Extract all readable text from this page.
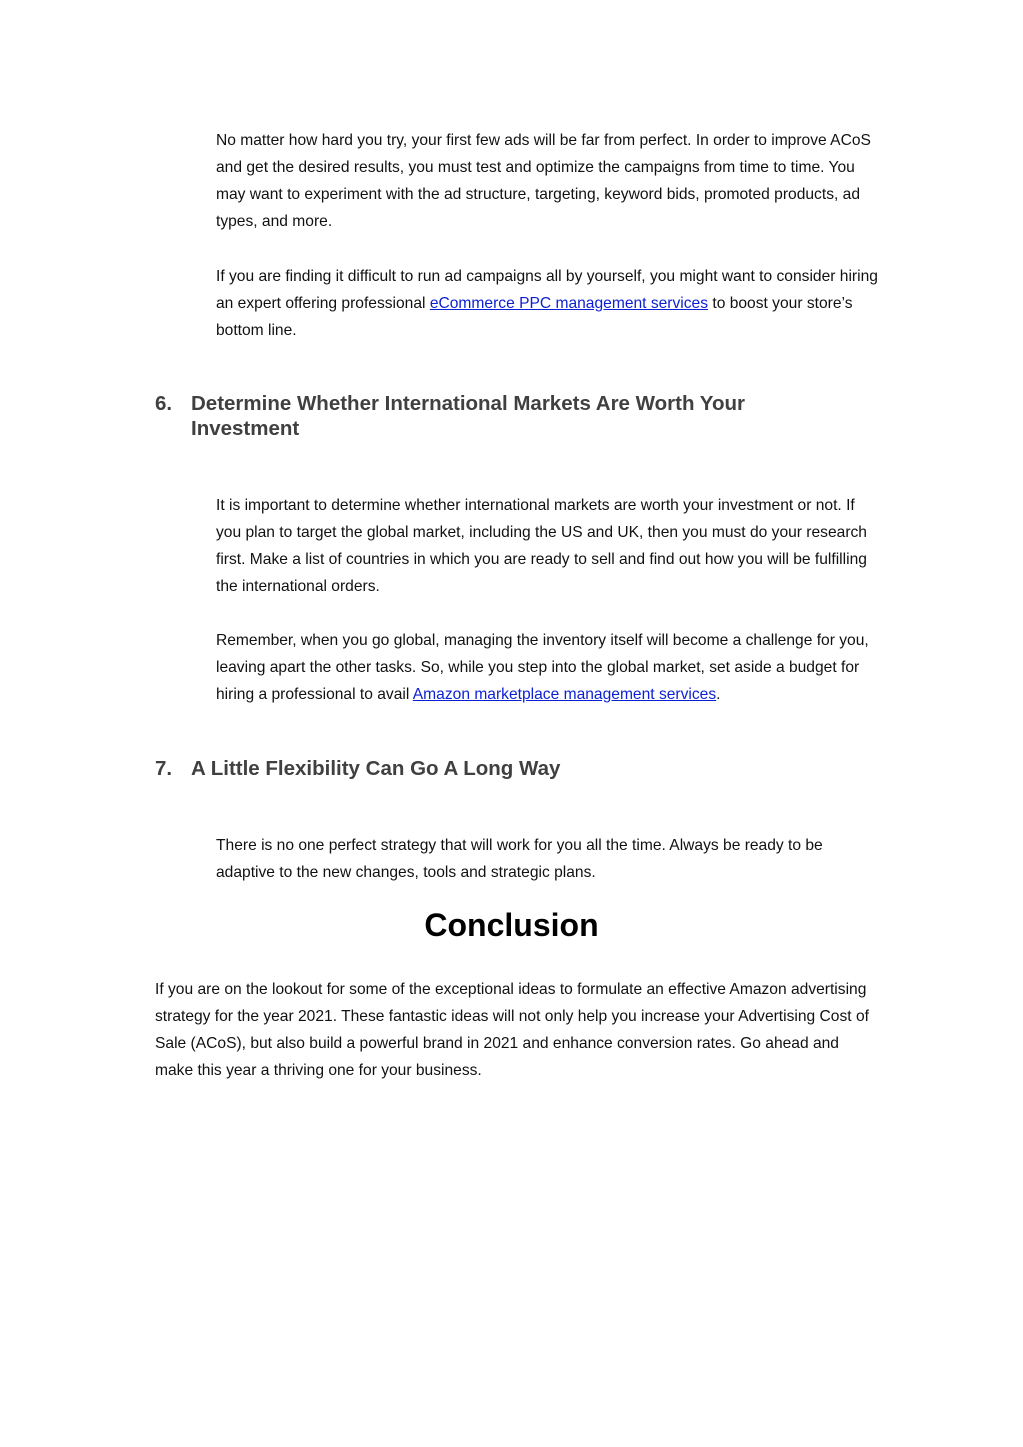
No matter how hard you try, your first few ads will be far from perfect. In order to improve ACoS and get the desired results, you must test and optimize the campaigns from time to time. You may want to experiment with the ad structure, targeting, keyword bids, promoted products, ad types, and more.

If you are finding it difficult to run ad campaigns all by yourself, you might want to consider hiring an expert offering professional eCommerce PPC management services to boost your store’s bottom line.

6. Determine Whether International Markets Are Worth Your Investment

It is important to determine whether international markets are worth your investment or not. If you plan to target the global market, including the US and UK, then you must do your research first. Make a list of countries in which you are ready to sell and find out how you will be fulfilling the international orders.

Remember, when you go global, managing the inventory itself will become a challenge for you, leaving apart the other tasks. So, while you step into the global market, set aside a budget for hiring a professional to avail Amazon marketplace management services.

7. A Little Flexibility Can Go A Long Way

There is no one perfect strategy that will work for you all the time. Always be ready to be adaptive to the new changes, tools and strategic plans.

Conclusion

If you are on the lookout for some of the exceptional ideas to formulate an effective Amazon advertising strategy for the year 2021. These fantastic ideas will not only help you increase your Advertising Cost of Sale (ACoS), but also build a powerful brand in 2021 and enhance conversion rates. Go ahead and make this year a thriving one for your business.
